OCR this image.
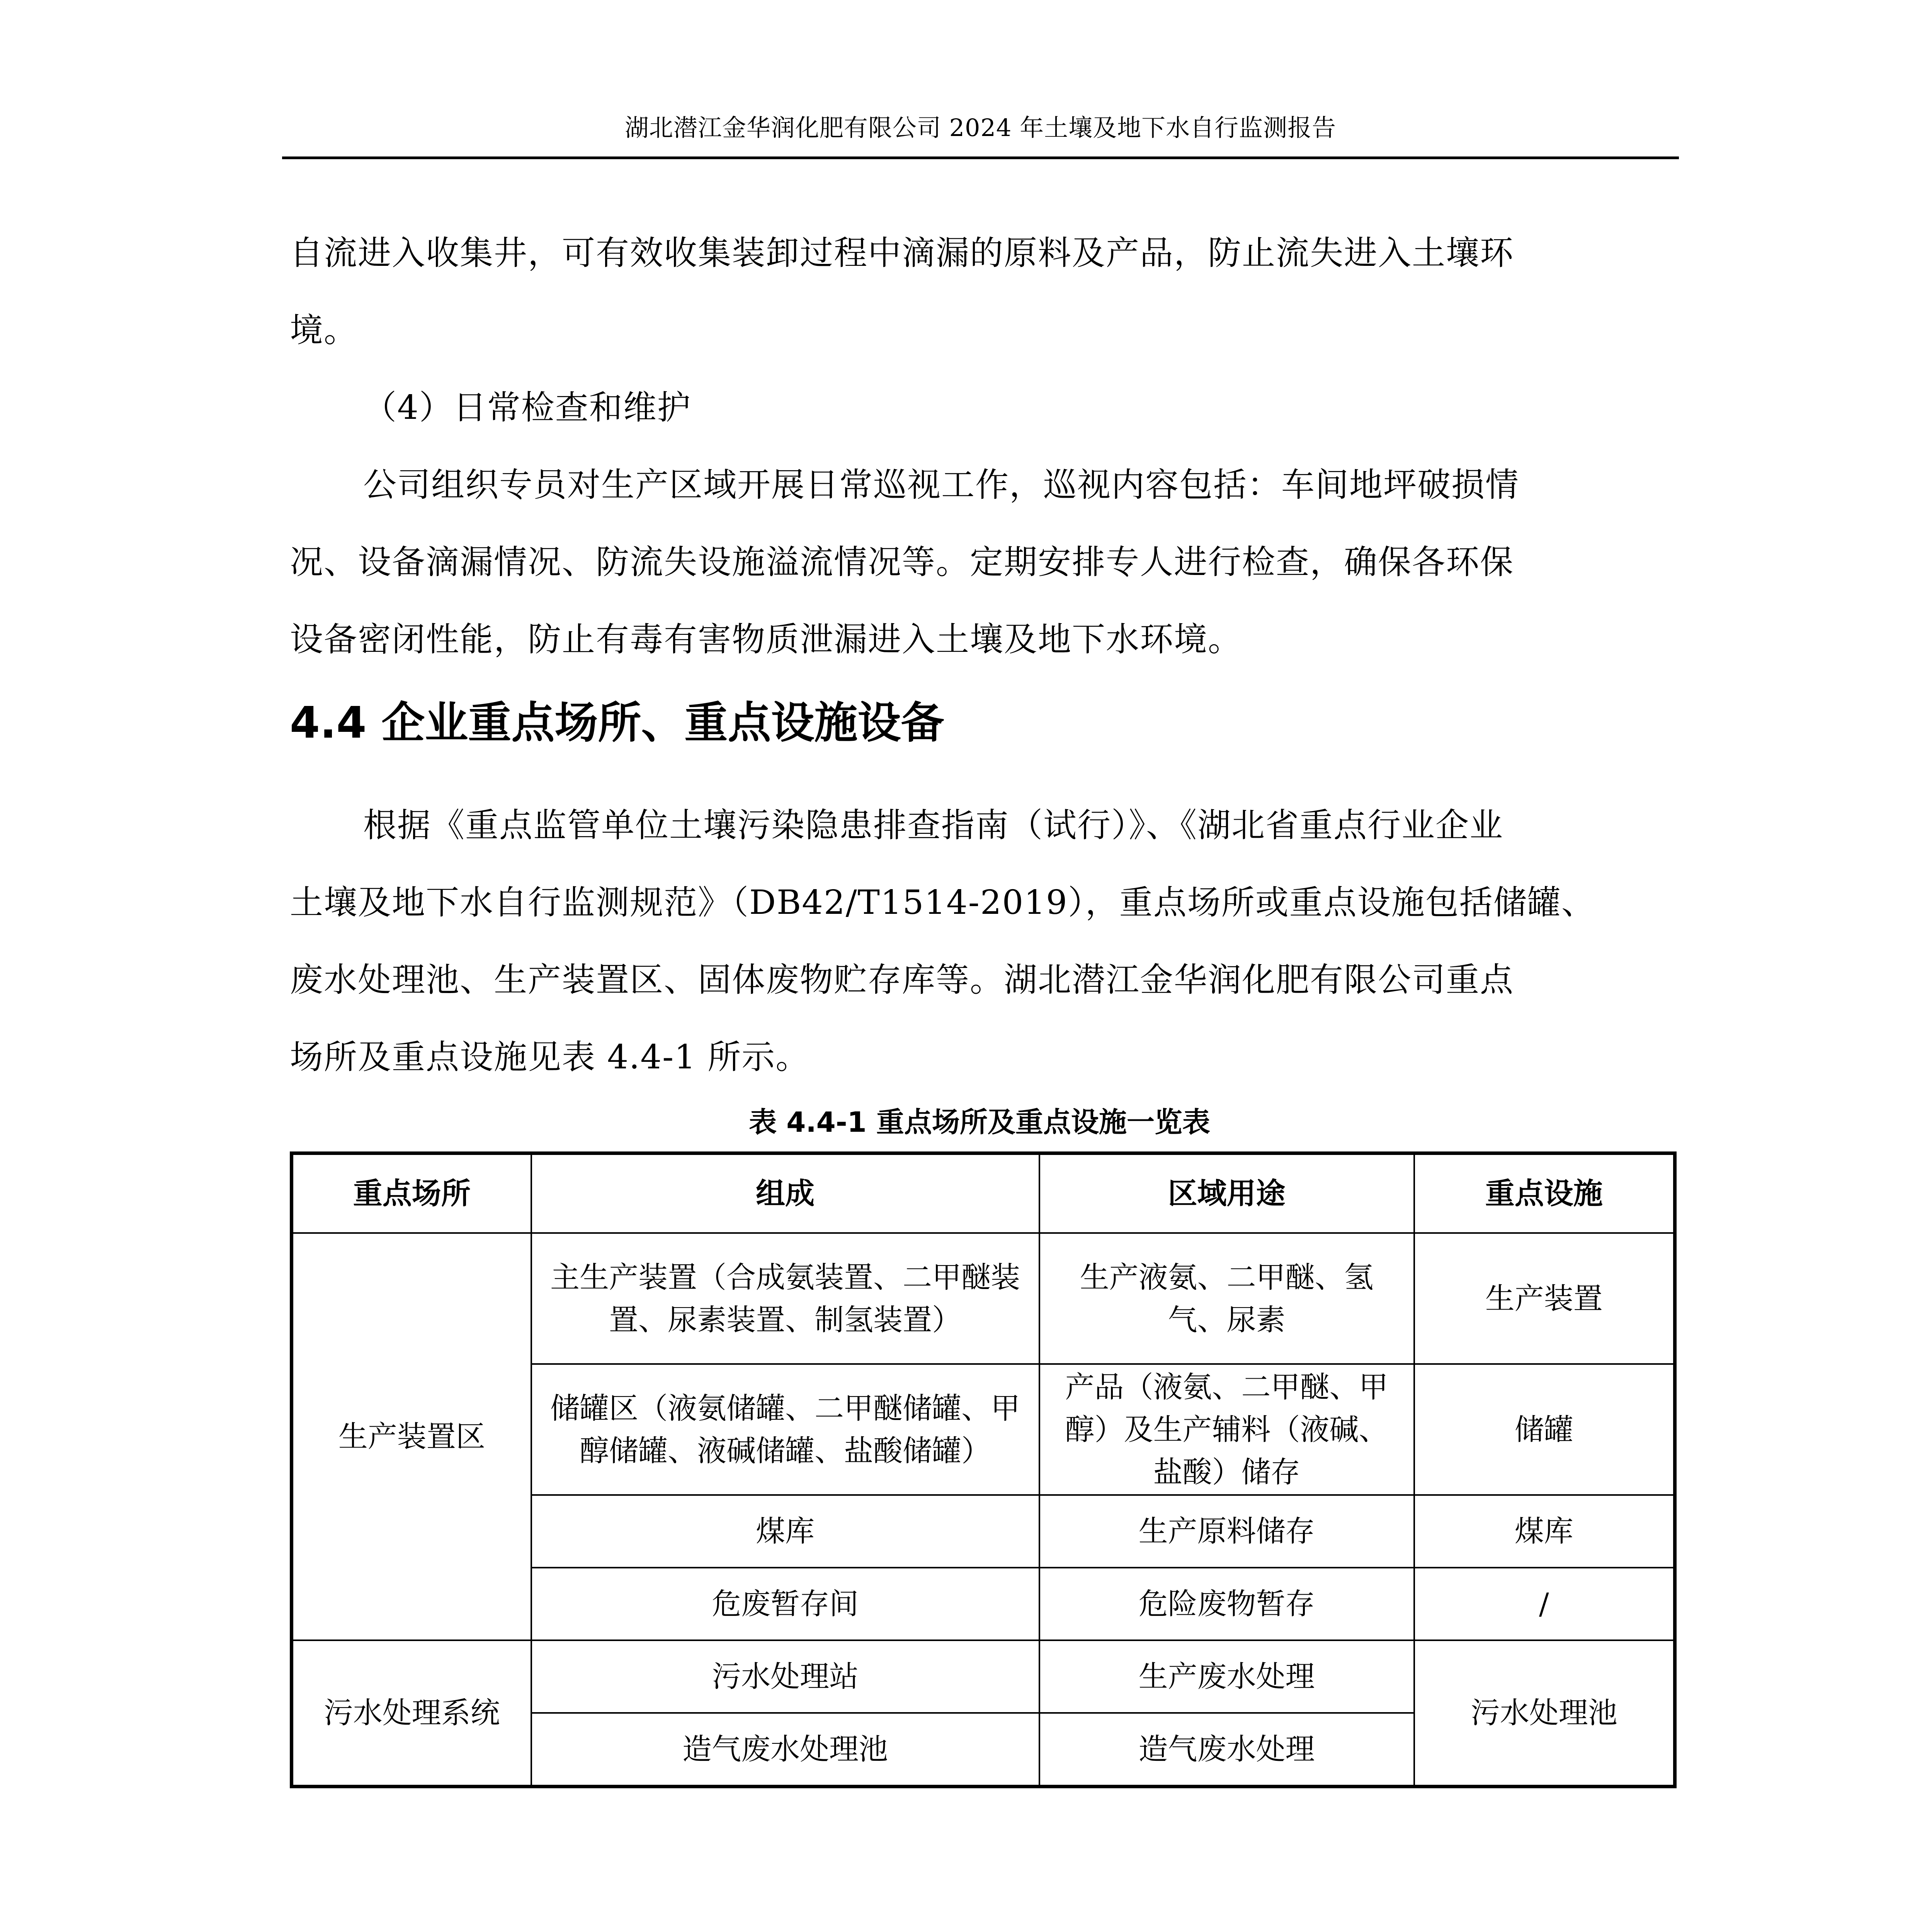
湖北潜江金华润化肥有限公司 2024 年土壤及地下水自行监测报告
自流进入收集井，可有效收集装卸过程中滴漏的原料及产品，防止流失进入土壤环
境。
（4）日常检查和维护
公司组织专员对生产区域开展日常巡视工作，巡视内容包括：车间地坪破损情
况、设备滴漏情况、防流失设施溢流情况等。定期安排专人进行检查，确保各环保
设备密闭性能，防止有毒有害物质泄漏进入土壤及地下水环境。
4.4 企业重点场所、重点设施设备
根据《重点监管单位土壤污染隐患排查指南（试行）》、《湖北省重点行业企业
土壤及地下水自行监测规范》（DB42/T1514-2019），重点场所或重点设施包括储罐、
废水处理池、生产装置区、固体废物贮存库等。湖北潜江金华润化肥有限公司重点
场所及重点设施见表 4.4-1 所示。
表 4.4-1 重点场所及重点设施一览表
重点场所	组成	区域用途	重点设施
生产装置区	主生产装置（合成氨装置、二甲醚装置、尿素装置、制氢装置）	生产液氨、二甲醚、氢气、尿素	生产装置
	储罐区（液氨储罐、二甲醚储罐、甲醇储罐、液碱储罐、盐酸储罐）	产品（液氨、二甲醚、甲醇）及生产辅料（液碱、盐酸）储存	储罐
	煤库	生产原料储存	煤库
	危废暂存间	危险废物暂存	/
污水处理系统	污水处理站	生产废水处理	污水处理池
	造气废水处理池	造气废水处理	
